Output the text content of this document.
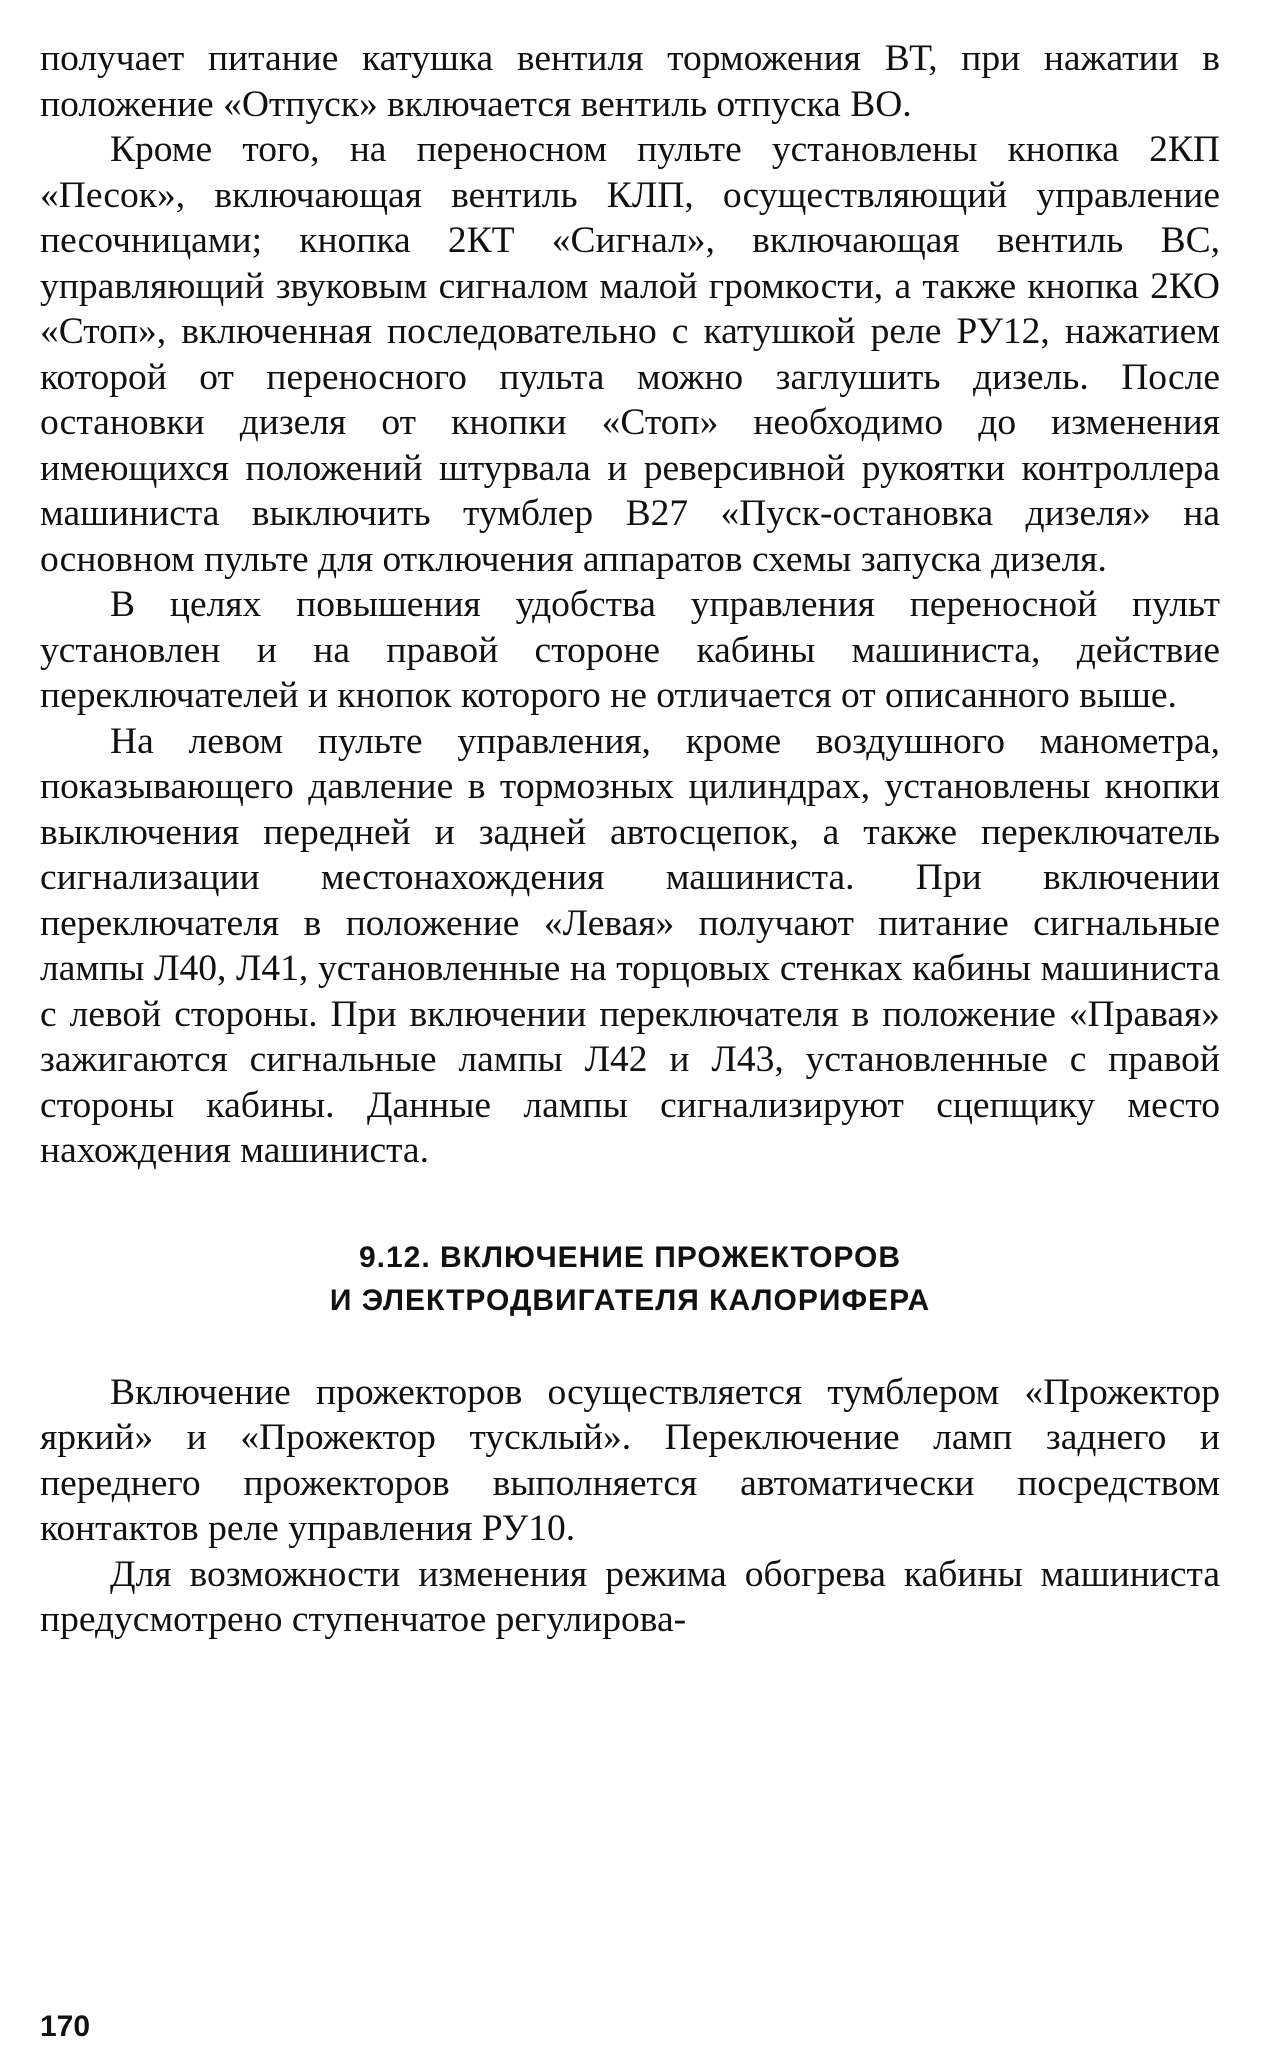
получает питание катушка вентиля торможения ВТ, при нажатии в положение «Отпуск» включается вентиль отпуска ВО.

Кроме того, на переносном пульте установлены кнопка 2КП «Песок», включающая вентиль КЛП, осуществляющий управление песочницами; кнопка 2КТ «Сигнал», включающая вентиль ВС, управляющий звуковым сигналом малой громкости, а также кнопка 2КО «Стоп», включенная последовательно с катушкой реле РУ12, нажатием которой от переносного пульта можно заглушить дизель. После остановки дизеля от кнопки «Стоп» необходимо до изменения имеющихся положений штурвала и реверсивной рукоятки контроллера машиниста выключить тумблер В27 «Пуск-остановка дизеля» на основном пульте для отключения аппаратов схемы запуска дизеля.

В целях повышения удобства управления переносной пульт установлен и на правой стороне кабины машиниста, действие переключателей и кнопок которого не отличается от описанного выше.

На левом пульте управления, кроме воздушного манометра, показывающего давление в тормозных цилиндрах, установлены кнопки выключения передней и задней автосцепок, а также переключатель сигнализации местонахождения машиниста. При включении переключателя в положение «Левая» получают питание сигнальные лампы Л40, Л41, установленные на торцовых стенках кабины машиниста с левой стороны. При включении переключателя в положение «Правая» зажигаются сигнальные лампы Л42 и Л43, установленные с правой стороны кабины. Данные лампы сигнализируют сцепщику место нахождения машиниста.

9.12. ВКЛЮЧЕНИЕ ПРОЖЕКТОРОВ
И ЭЛЕКТРОДВИГАТЕЛЯ КАЛОРИФЕРА

Включение прожекторов осуществляется тумблером «Прожектор яркий» и «Прожектор тусклый». Переключение ламп заднего и переднего прожекторов выполняется автоматически посредством контактов реле управления РУ10.

Для возможности изменения режима обогрева кабины машиниста предусмотрено ступенчатое регулирова-

170
